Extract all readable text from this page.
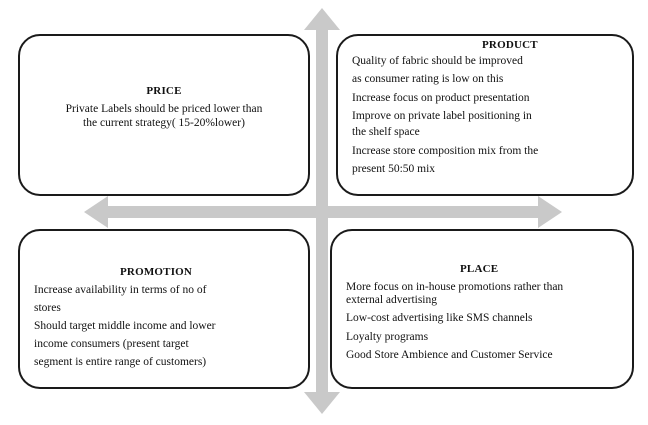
PRICE
Private Labels should be priced lower than
the current strategy( 15-20%lower)
PRODUCT
Quality of fabric should be improved
as consumer rating is low on this
Increase focus on product presentation
Improve on private label positioning in
the shelf space
Increase store composition mix from the
present 50:50 mix
PROMOTION
Increase availability in terms of no of
stores
Should target middle income and lower
income consumers (present target
segment is entire range of customers)
PLACE
More focus on in-house promotions rather than
external advertising
Low-cost advertising like SMS channels
Loyalty programs
Good Store Ambience and Customer Service
